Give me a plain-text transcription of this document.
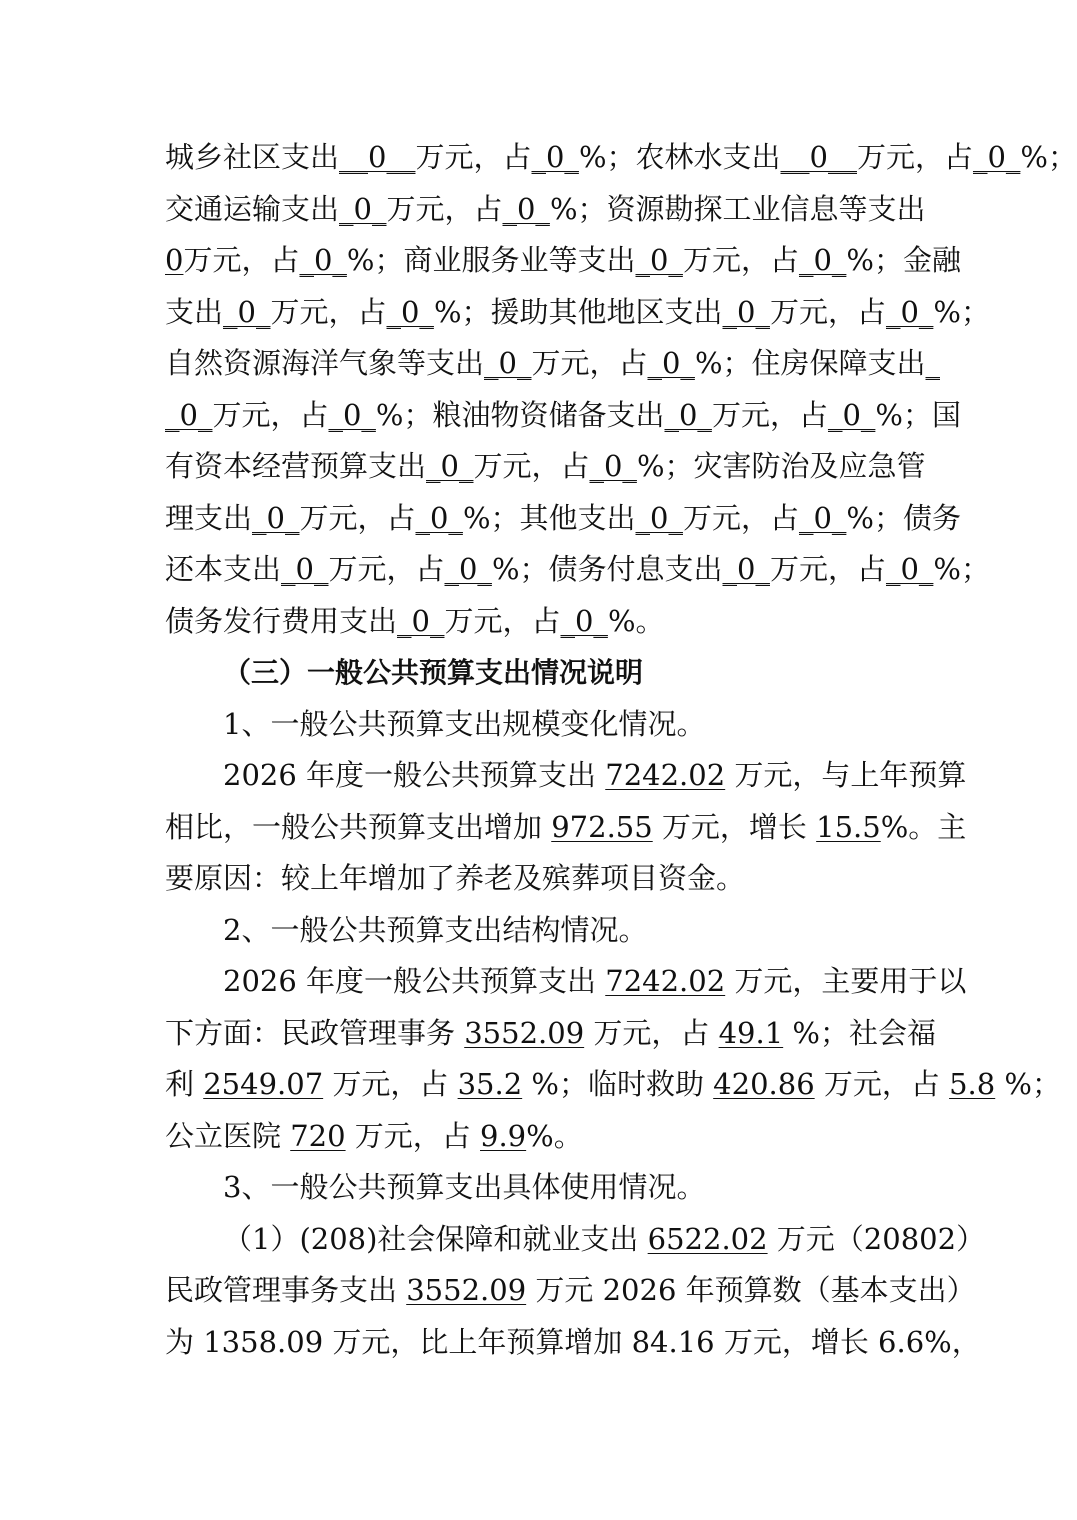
城乡社区支出__0__万元，占_0_%；农林水支出__0__万元，占_0_%；
交通运输支出_0_万元，占_0_%；资源勘探工业信息等支出
0万元，占_0_%；商业服务业等支出_0_万元，占_0_%；金融
支出_0_万元，占_0_%；援助其他地区支出_0_万元，占_0_%；
自然资源海洋气象等支出_0_万元，占_0_%；住房保障支出_
_0_万元，占_0_%；粮油物资储备支出_0_万元，占_0_%；国
有资本经营预算支出_0_万元，占_0_%；灾害防治及应急管
理支出_0_万元，占_0_%；其他支出_0_万元，占_0_%；债务
还本支出_0_万元，占_0_%；债务付息支出_0_万元，占_0_%；
债务发行费用支出_0_万元，占_0_%。
（三）一般公共预算支出情况说明
1、一般公共预算支出规模变化情况。
2026 年度一般公共预算支出 7242.02 万元，与上年预算
相比，一般公共预算支出增加 972.55 万元，增长 15.5%。主
要原因：较上年增加了养老及殡葬项目资金。
2、一般公共预算支出结构情况。
2026 年度一般公共预算支出 7242.02 万元，主要用于以
下方面：民政管理事务 3552.09 万元，占 49.1 %；社会福
利 2549.07 万元，占 35.2 %；临时救助 420.86 万元，占 5.8 %；
公立医院 720 万元，占 9.9%。
3、一般公共预算支出具体使用情况。
（1）(208)社会保障和就业支出 6522.02 万元（20802）
民政管理事务支出 3552.09 万元 2026 年预算数（基本支出）
为 1358.09 万元，比上年预算增加 84.16 万元，增长 6.6%，
